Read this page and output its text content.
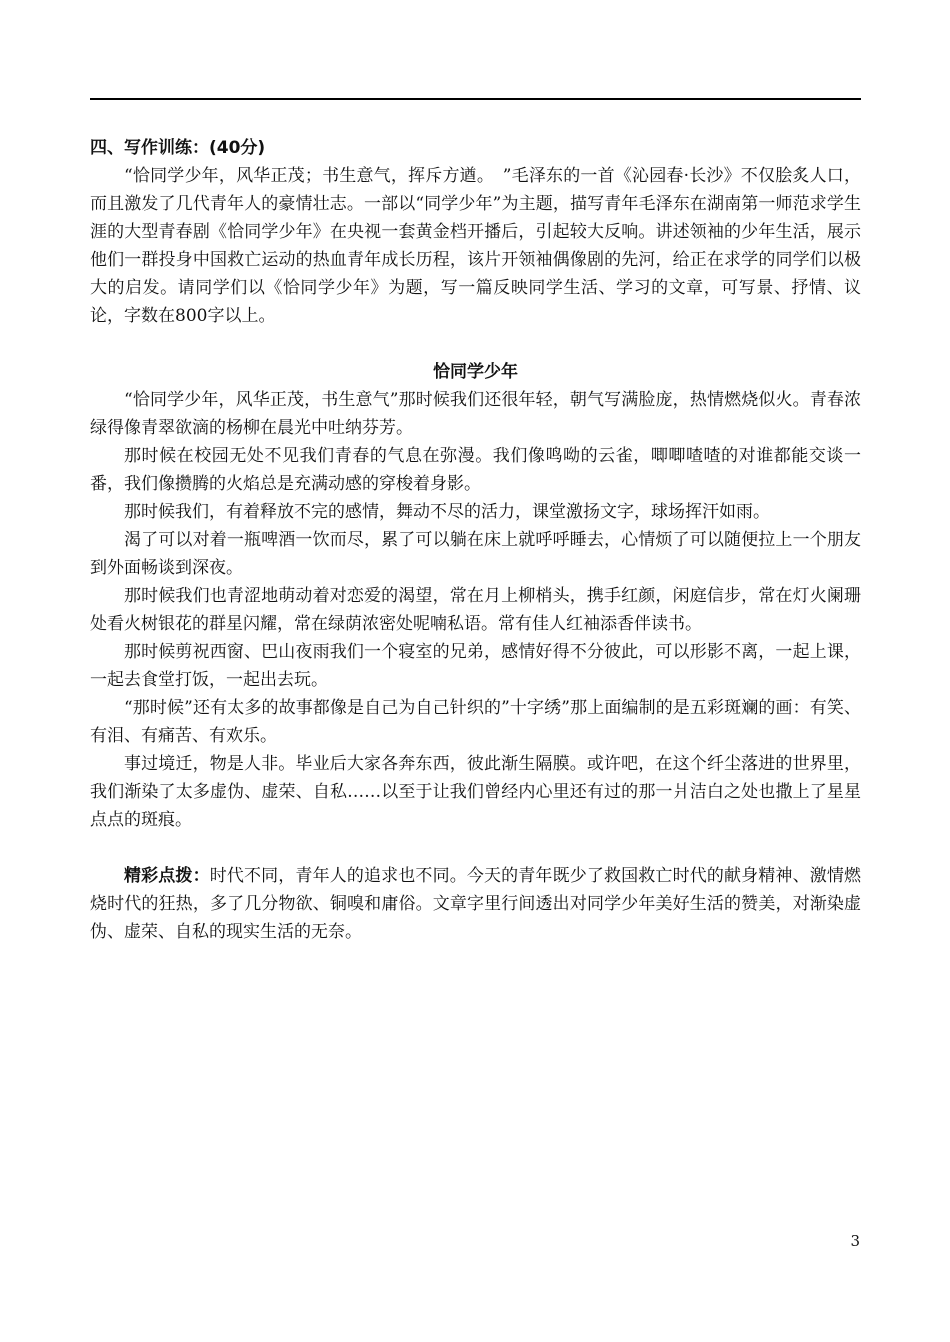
四、写作训练：(40分)

“恰同学少年，风华正茂；书生意气，挥斥方遒。　”毛泽东的一首《沁园春·长沙》不仅脍炙人口，而且激发了几代青年人的豪情壮志。一部以“同学少年”为主题，描写青年毛泽东在湖南第一师范求学生涯的大型青春剧《恰同学少年》在央视一套黄金档开播后，引起较大反响。讲述领袖的少年生活，展示他们一群投身中国救亡运动的热血青年成长历程，该片开领袖偶像剧的先河，给正在求学的同学们以极大的启发。请同学们以《恰同学少年》为题，写一篇反映同学生活、学习的文章，可写景、抒情、议论，字数在800字以上。

恰同学少年

“恰同学少年，风华正茂，书生意气”那时候我们还很年轻，朝气写满脸庞，热情燃烧似火。青春浓绿得像青翠欲滴的杨柳在晨光中吐纳芬芳。

那时候在校园无处不见我们青春的气息在弥漫。我们像鸣呦的云雀，唧唧喳喳的对谁都能交谈一番，我们像攒腾的火焰总是充满动感的穿梭着身影。

那时候我们，有着释放不完的感情，舞动不尽的活力，课堂激扬文字，球场挥汗如雨。

渴了可以对着一瓶啤酒一饮而尽，累了可以躺在床上就呼呼睡去，心情烦了可以随便拉上一个朋友到外面畅谈到深夜。

那时候我们也青涩地萌动着对恋爱的渴望，常在月上柳梢头，携手红颜，闲庭信步，常在灯火阑珊处看火树银花的群星闪耀，常在绿荫浓密处呢喃私语。常有佳人红袖添香伴读书。

那时候剪祝西窗、巴山夜雨我们一个寝室的兄弟，感情好得不分彼此，可以形影不离，一起上课，一起去食堂打饭，一起出去玩。

“那时候”还有太多的故事都像是自己为自己针织的”十字绣”那上面编制的是五彩斑斓的画：有笑、有泪、有痛苦、有欢乐。

事过境迁，物是人非。毕业后大家各奔东西，彼此渐生隔膜。或许吧，在这个纤尘落进的世界里，我们渐染了太多虚伪、虚荣、自私……以至于让我们曾经内心里还有过的那一爿洁白之处也撒上了星星点点的斑痕。

精彩点拨：时代不同，青年人的追求也不同。今天的青年既少了救国救亡时代的献身精神、激情燃烧时代的狂热，多了几分物欲、铜嗅和庸俗。文章字里行间透出对同学少年美好生活的赞美，对渐染虚伪、虚荣、自私的现实生活的无奈。

3
